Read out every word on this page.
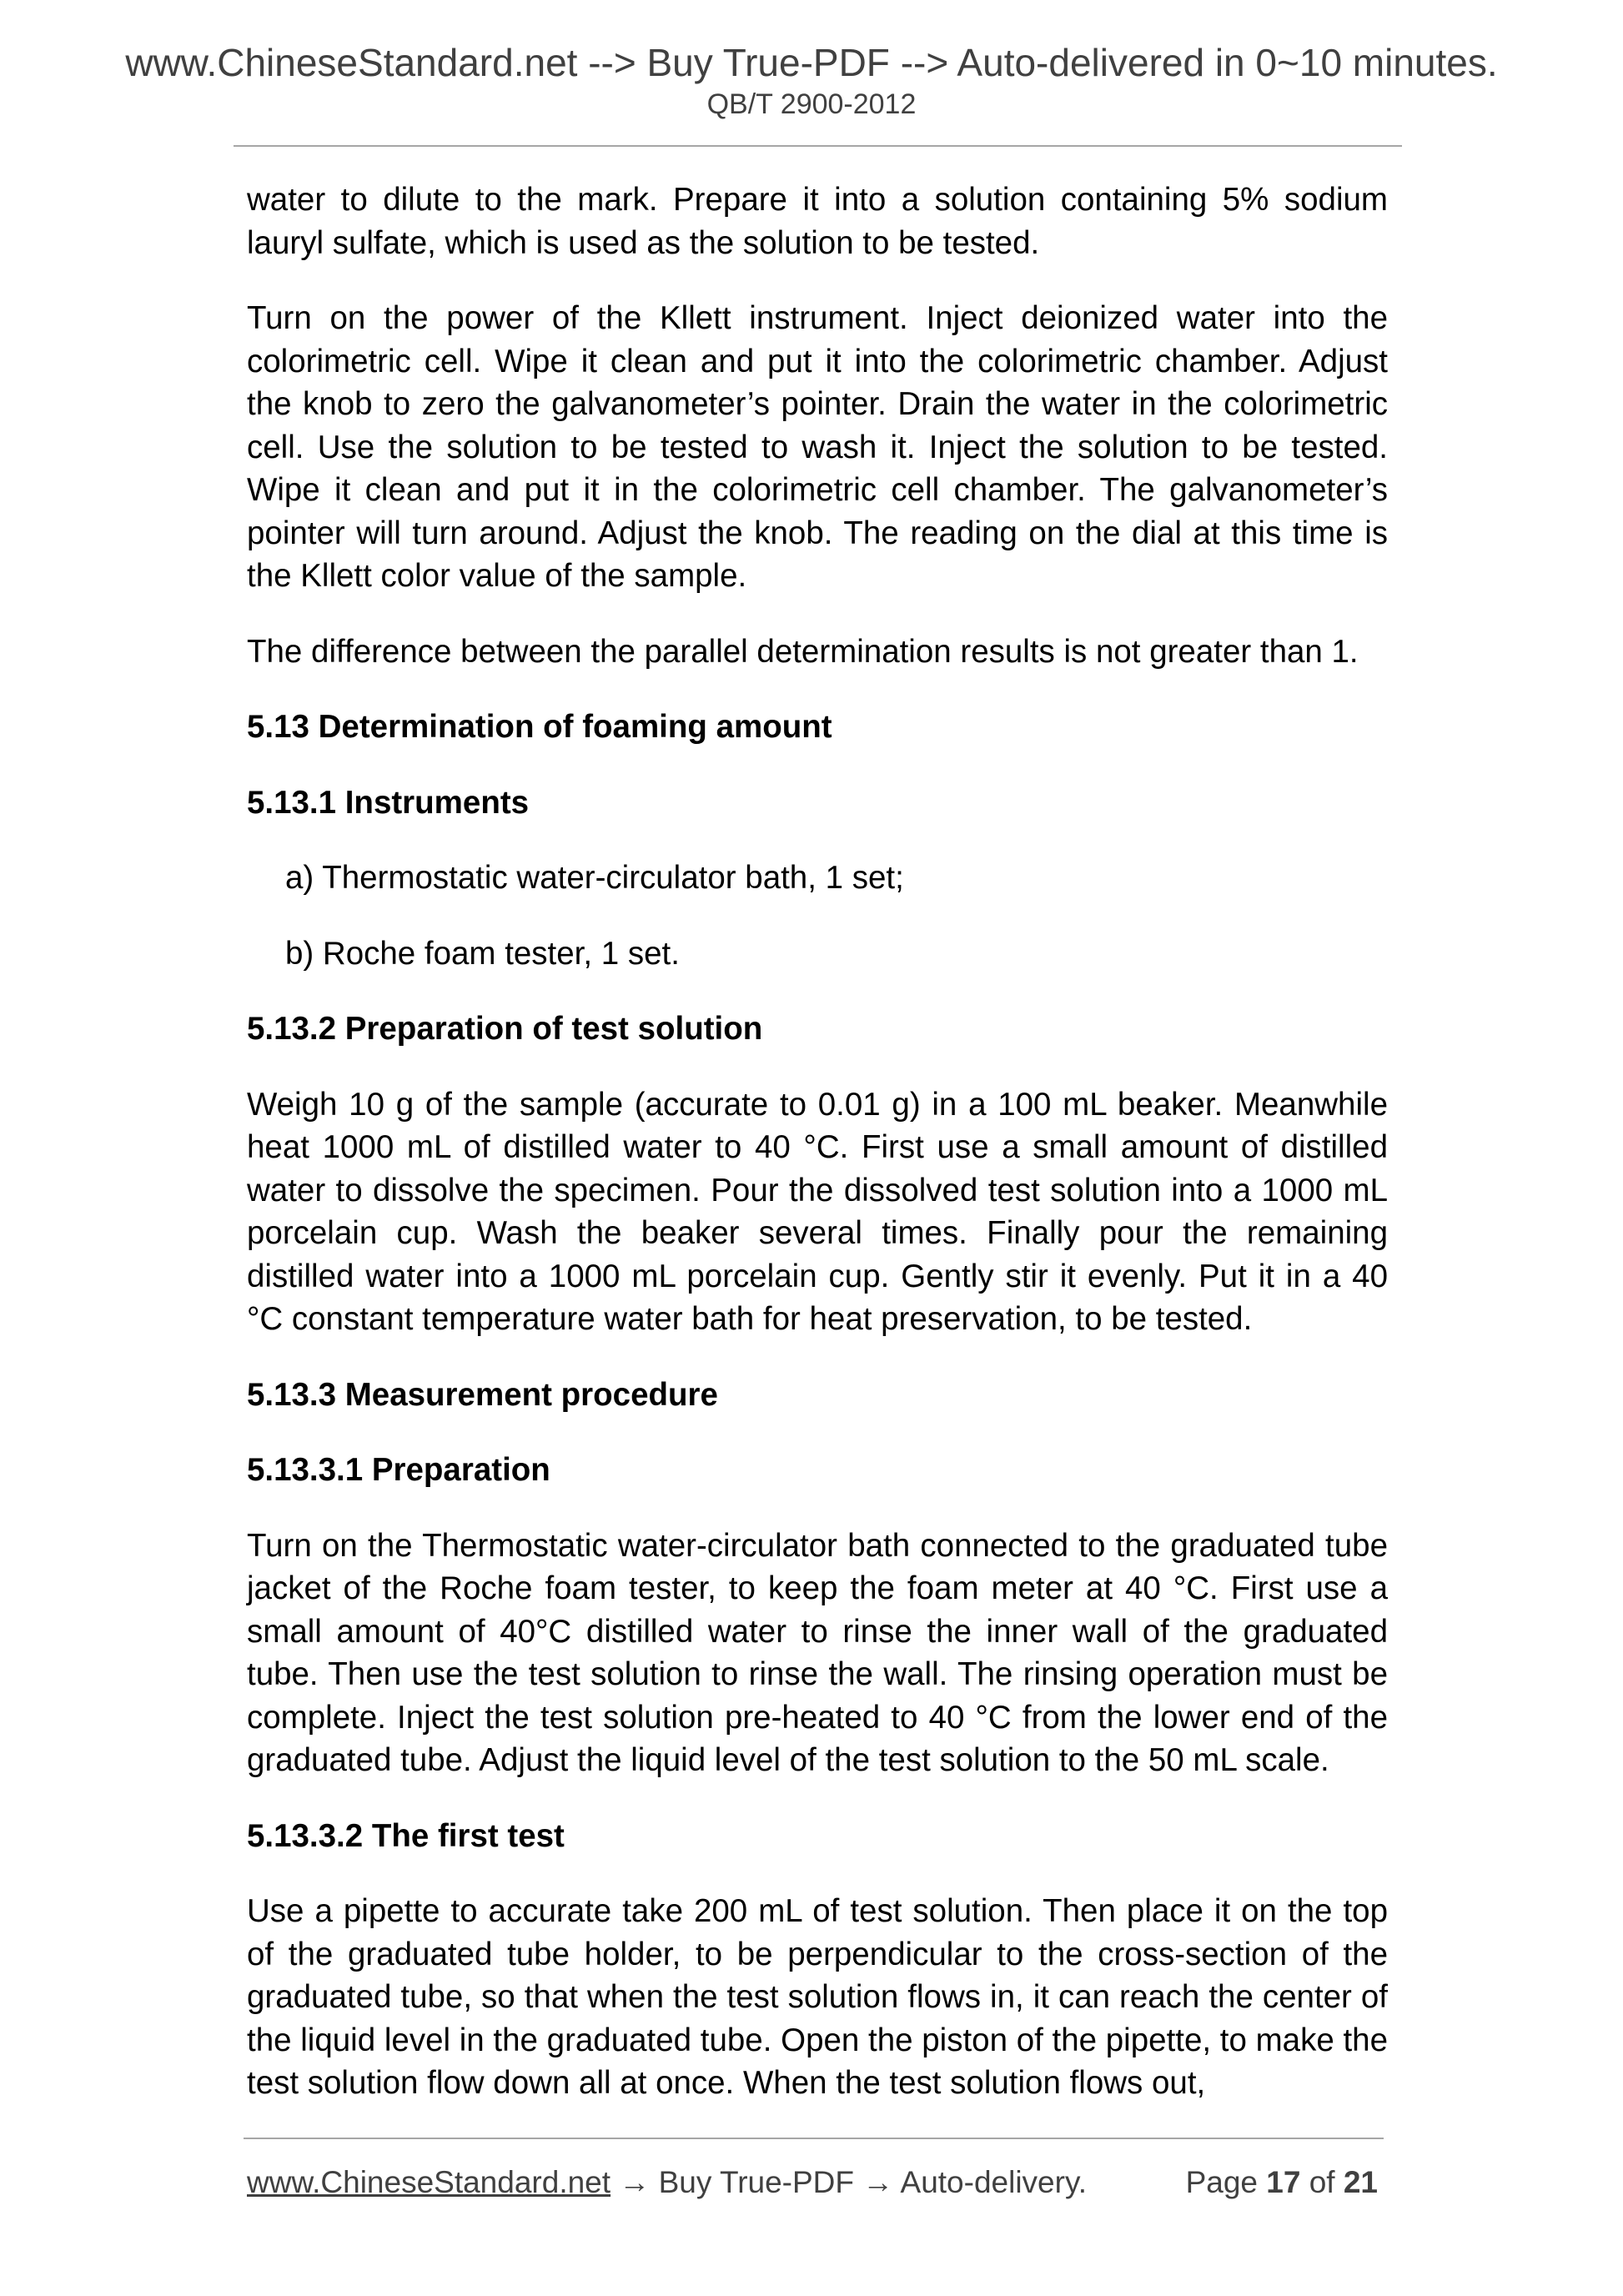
www.ChineseStandard.net --> Buy True-PDF --> Auto-delivered in 0~10 minutes.
QB/T 2900-2012

water to dilute to the mark. Prepare it into a solution containing 5% sodium lauryl sulfate, which is used as the solution to be tested.

Turn on the power of the Kllett instrument. Inject deionized water into the colorimetric cell. Wipe it clean and put it into the colorimetric chamber. Adjust the knob to zero the galvanometer’s pointer. Drain the water in the colorimetric cell. Use the solution to be tested to wash it. Inject the solution to be tested. Wipe it clean and put it in the colorimetric cell chamber. The galvanometer’s pointer will turn around. Adjust the knob. The reading on the dial at this time is the Kllett color value of the sample.

The difference between the parallel determination results is not greater than 1.

5.13 Determination of foaming amount
5.13.1 Instruments
a) Thermostatic water-circulator bath, 1 set;
b) Roche foam tester, 1 set.
5.13.2 Preparation of test solution

Weigh 10 g of the sample (accurate to 0.01 g) in a 100 mL beaker. Meanwhile heat 1000 mL of distilled water to 40 °C. First use a small amount of distilled water to dissolve the specimen. Pour the dissolved test solution into a 1000 mL porcelain cup. Wash the beaker several times. Finally pour the remaining distilled water into a 1000 mL porcelain cup. Gently stir it evenly. Put it in a 40 °C constant temperature water bath for heat preservation, to be tested.

5.13.3 Measurement procedure
5.13.3.1 Preparation

Turn on the Thermostatic water-circulator bath connected to the graduated tube jacket of the Roche foam tester, to keep the foam meter at 40 °C. First use a small amount of 40°C distilled water to rinse the inner wall of the graduated tube. Then use the test solution to rinse the wall. The rinsing operation must be complete. Inject the test solution pre-heated to 40 °C from the lower end of the graduated tube. Adjust the liquid level of the test solution to the 50 mL scale.

5.13.3.2 The first test

Use a pipette to accurate take 200 mL of test solution. Then place it on the top of the graduated tube holder, to be perpendicular to the cross-section of the graduated tube, so that when the test solution flows in, it can reach the center of the liquid level in the graduated tube. Open the piston of the pipette, to make the test solution flow down all at once. When the test solution flows out,

www.ChineseStandard.net → Buy True-PDF → Auto-delivery.	Page 17 of 21
